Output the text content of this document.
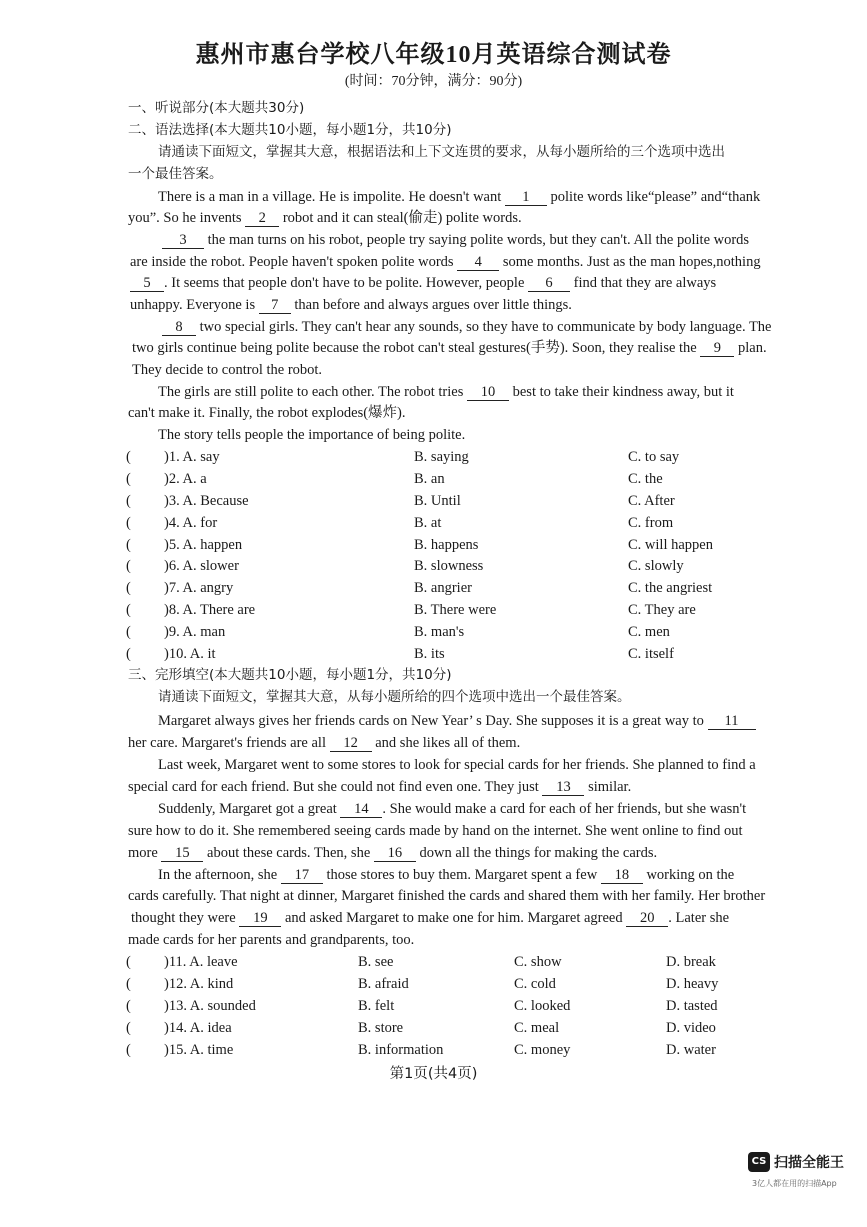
惠州市惠台学校八年级10月英语综合测试卷
(时间：70分钟，满分：90分)
一、听说部分(本大题共30分)
二、语法选择(本大题共10小题，每小题1分，共10分)
请通读下面短文，掌握其大意，根据语法和上下文连贯的要求，从每小题所给的三个选项中选出
一个最佳答案。
There is a man in a village. He is impolite. He doesn't want 1 polite words like“please” and“thank
you”. So he invents 2 robot and it can steal(偷走) polite words.
3 the man turns on his robot, people try saying polite words, but they can't. All the polite words
are inside the robot. People haven't spoken polite words 4 some months. Just as the man hopes,nothing
5 . It seems that people don't have to be polite. However, people 6 find that they are always
unhappy. Everyone is 7 than before and always argues over little things.
8 two special girls. They can't hear any sounds, so they have to communicate by body language. The
two girls continue being polite because the robot can't steal gestures(手势). Soon, they realise the 9 plan.
They decide to control the robot.
The girls are still polite to each other. The robot tries 10 best to take their kindness away, but it
can't make it. Finally, the robot explodes(爆炸).
The story tells people the importance of being polite.
( )1. A. say	B. saying	C. to say
( )2. A. a	B. an	C. the
( )3. A. Because	B. Until	C. After
( )4. A. for	B. at	C. from
( )5. A. happen	B. happens	C. will happen
( )6. A. slower	B. slowness	C. slowly
( )7. A. angry	B. angrier	C. the angriest
( )8. A. There are	B. There were	C. They are
( )9. A. man	B. man's	C. men
( )10. A. it	B. its	C. itself
三、完形填空(本大题共10小题，每小题1分，共10分)
请通读下面短文，掌握其大意，从每小题所给的四个选项中选出一个最佳答案。
Margaret always gives her friends cards on New Year’ s Day. She supposes it is a great way to 11
her care. Margaret's friends are all 12 and she likes all of them.
Last week, Margaret went to some stores to look for special cards for her friends. She planned to find a
special card for each friend. But she could not find even one. They just 13 similar.
Suddenly, Margaret got a great 14 . She would make a card for each of her friends, but she wasn't
sure how to do it. She remembered seeing cards made by hand on the internet. She went online to find out
more 15 about these cards. Then, she 16 down all the things for making the cards.
In the afternoon, she 17 those stores to buy them. Margaret spent a few 18 working on the
cards carefully. That night at dinner, Margaret finished the cards and shared them with her family. Her brother
thought they were 19 and asked Margaret to make one for him. Margaret agreed 20 . Later she
made cards for her parents and grandparents, too.
( )11. A. leave	B. see	C. show	D. break
( )12. A. kind	B. afraid	C. cold	D. heavy
( )13. A. sounded	B. felt	C. looked	D. tasted
( )14. A. idea	B. store	C. meal	D. video
( )15. A. time	B. information	C. money	D. water
第1页(共4页)
CS 扫描全能王
3亿人都在用的扫描App
